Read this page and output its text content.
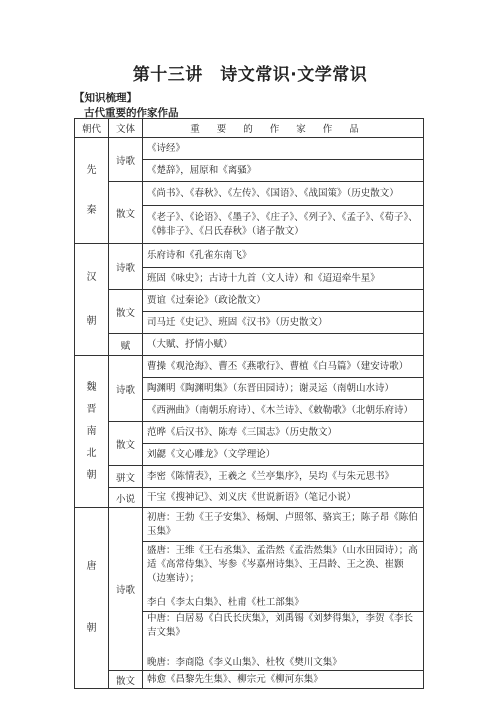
第十三讲　诗文常识·文学常识
【知识梳理】
古代重要的作家作品
朝代	文体	重要的作家作品

先
秦	诗歌	《诗经》
		《楚辞》，屈原和《离骚》
	散文	《尚书》、《春秋》、《左传》、《国语》、《战国策》（历史散文）
		《老子》、《论语》、《墨子》、《庄子》、《列子》、《孟子》、《荀子》、《韩非子》、《吕氏春秋》（诸子散文）

汉
朝	诗歌	乐府诗和《孔雀东南飞》
		班固《咏史》；古诗十九首（文人诗）和《迢迢牵牛星》
	散文	贾谊《过秦论》（政论散文）
		司马迁《史记》、班固《汉书》（历史散文）
	赋	（大赋、抒情小赋）

魏
晋
南
北
朝	诗歌	曹操《观沧海》、曹丕《燕歌行》、曹植《白马篇》（建安诗歌）
		陶渊明《陶渊明集》（东晋田园诗）；谢灵运（南朝山水诗）
		《西洲曲》（南朝乐府诗）、《木兰诗》、《敕勒歌》（北朝乐府诗）
	散文	范晔《后汉书》、陈寿《三国志》（历史散文）
		刘勰《文心雕龙》（文学理论）
	骈文	李密《陈情表》，王羲之《兰亭集序》，吴均《与朱元思书》
	小说	干宝《搜神记》、刘义庆《世说新语》（笔记小说）

唐
朝	诗歌	初唐：王勃《王子安集》、杨炯、卢照邻、骆宾王；陈子昂《陈伯玉集》

		盛唐：王维《王右丞集》、孟浩然《孟浩然集》（山水田园诗）；高适《高常侍集》、岑参《岑嘉州诗集》、王昌龄、王之涣、崔颢（边塞诗）；
李白《李太白集》、杜甫《杜工部集》

		中唐：白居易《白氏长庆集》，刘禹锡《刘梦得集》，李贺《李长吉文集》
晚唐：李商隐《李义山集》、杜牧《樊川文集》

	散文	韩愈《昌黎先生集》、柳宗元《柳河东集》
